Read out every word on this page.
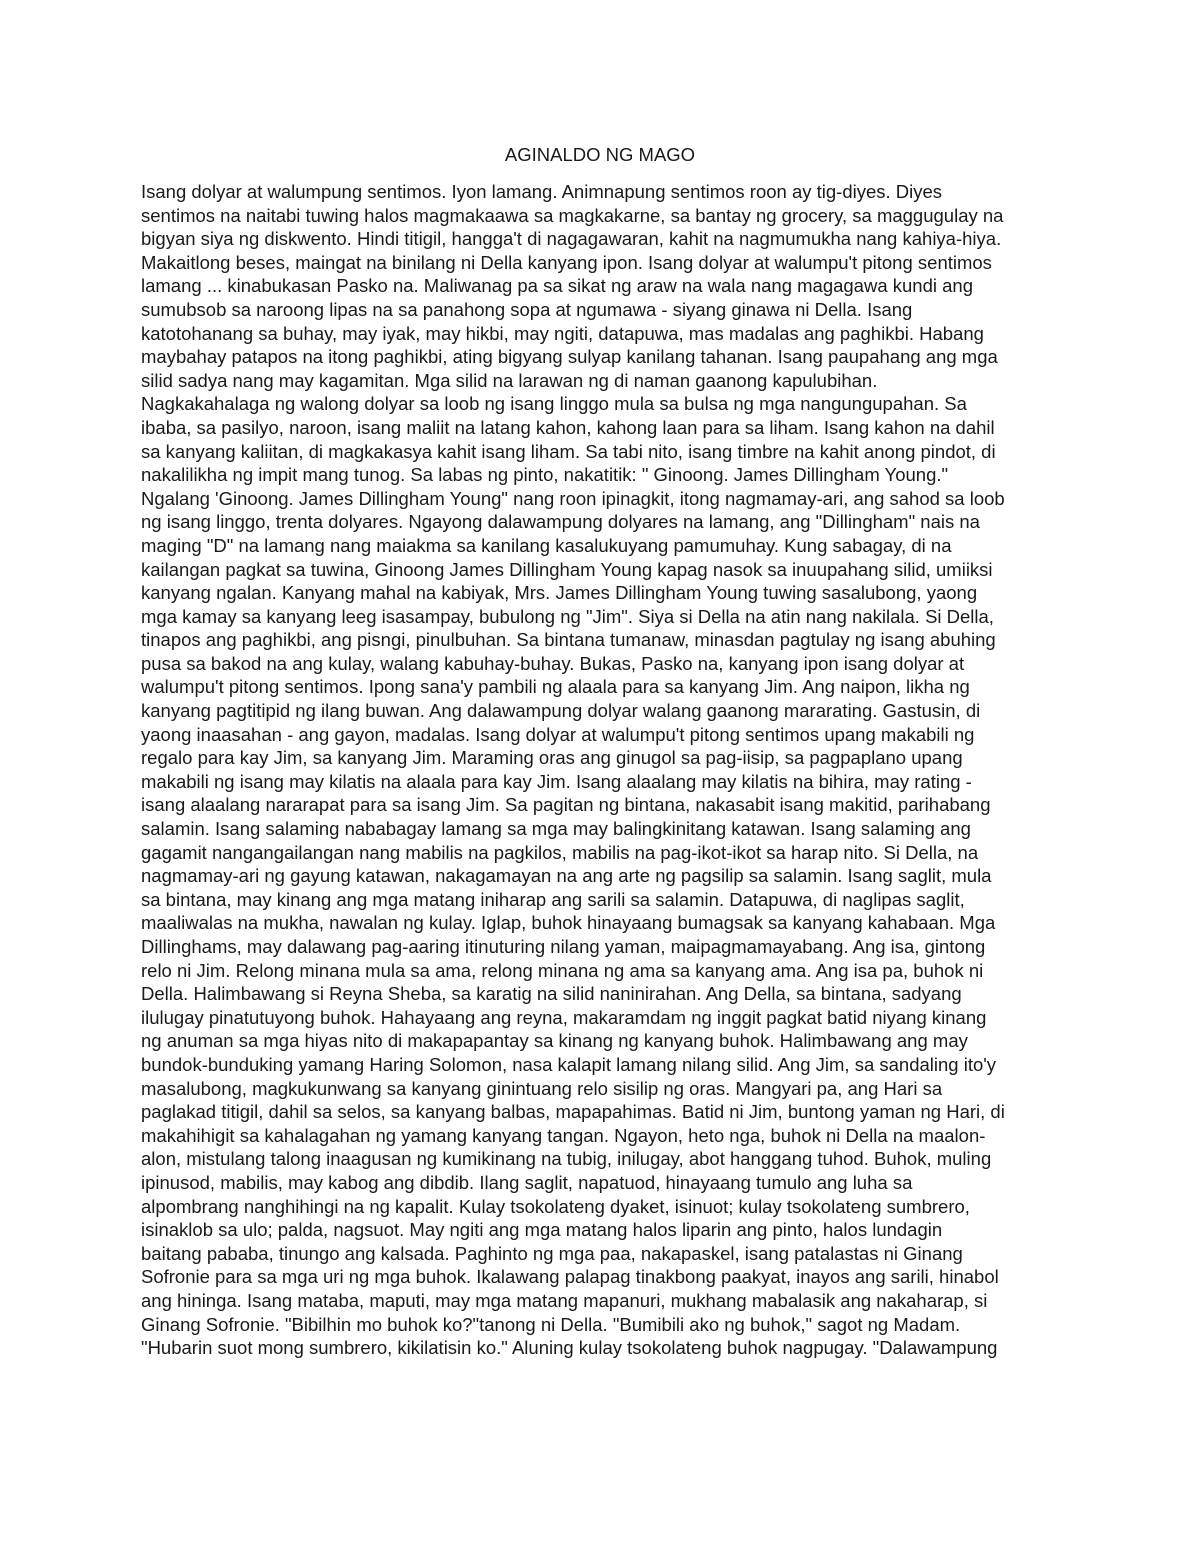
AGINALDO NG MAGO
Isang dolyar at walumpung sentimos. Iyon lamang. Animnapung sentimos roon ay tig-diyes. Diyes
sentimos na naitabi tuwing halos magmakaawa sa magkakarne, sa bantay ng grocery, sa maggugulay na
bigyan siya ng diskwento. Hindi titigil, hangga't di nagagawaran, kahit na nagmumukha nang kahiya-hiya.
Makaitlong beses, maingat na binilang ni Della kanyang ipon. Isang dolyar at walumpu't pitong sentimos
lamang ... kinabukasan Pasko na. Maliwanag pa sa sikat ng araw na wala nang magagawa kundi ang
sumubsob sa naroong lipas na sa panahong sopa at ngumawa - siyang ginawa ni Della. Isang
katotohanang sa buhay, may iyak, may hikbi, may ngiti, datapuwa, mas madalas ang paghikbi. Habang
maybahay patapos na itong paghikbi, ating bigyang sulyap kanilang tahanan. Isang paupahang ang mga
silid sadya nang may kagamitan. Mga silid na larawan ng di naman gaanong kapulubihan.
Nagkakahalaga ng walong dolyar sa loob ng isang linggo mula sa bulsa ng mga nangungupahan. Sa
ibaba, sa pasilyo, naroon, isang maliit na latang kahon, kahong laan para sa liham. Isang kahon na dahil
sa kanyang kaliitan, di magkakasya kahit isang liham. Sa tabi nito, isang timbre na kahit anong pindot, di
nakalilikha ng impit mang tunog. Sa labas ng pinto, nakatitik: " Ginoong. James Dillingham Young."
Ngalang 'Ginoong. James Dillingham Young" nang roon ipinagkit, itong nagmamay-ari, ang sahod sa loob
ng isang linggo, trenta dolyares. Ngayong dalawampung dolyares na lamang, ang "Dillingham" nais na
maging "D" na lamang nang maiakma sa kanilang kasalukuyang pamumuhay. Kung sabagay, di na
kailangan pagkat sa tuwina, Ginoong James Dillingham Young kapag nasok sa inuupahang silid, umiiksi
kanyang ngalan. Kanyang mahal na kabiyak, Mrs. James Dillingham Young tuwing sasalubong, yaong
mga kamay sa kanyang leeg isasampay, bubulong ng "Jim". Siya si Della na atin nang nakilala. Si Della,
tinapos ang paghikbi, ang pisngi, pinulbuhan. Sa bintana tumanaw, minasdan pagtulay ng isang abuhing
pusa sa bakod na ang kulay, walang kabuhay-buhay. Bukas, Pasko na, kanyang ipon isang dolyar at
walumpu't pitong sentimos. Ipong sana'y pambili ng alaala para sa kanyang Jim. Ang naipon, likha ng
kanyang pagtitipid ng ilang buwan. Ang dalawampung dolyar walang gaanong mararating. Gastusin, di
yaong inaasahan - ang gayon, madalas. Isang dolyar at walumpu't pitong sentimos upang makabili ng
regalo para kay Jim, sa kanyang Jim. Maraming oras ang ginugol sa pag-iisip, sa pagpaplano upang
makabili ng isang may kilatis na alaala para kay Jim. Isang alaalang may kilatis na bihira, may rating -
isang alaalang nararapat para sa isang Jim. Sa pagitan ng bintana, nakasabit isang makitid, parihabang
salamin. Isang salaming nababagay lamang sa mga may balingkinitang katawan. Isang salaming ang
gagamit nangangailangan nang mabilis na pagkilos, mabilis na pag-ikot-ikot sa harap nito. Si Della, na
nagmamay-ari ng gayung katawan, nakagamayan na ang arte ng pagsilip sa salamin. Isang saglit, mula
sa bintana, may kinang ang mga matang iniharap ang sarili sa salamin. Datapuwa, di naglipas saglit,
maaliwalas na mukha, nawalan ng kulay. Iglap, buhok hinayaang bumagsak sa kanyang kahabaan. Mga
Dillinghams, may dalawang pag-aaring itinuturing nilang yaman, maipagmamayabang. Ang isa, gintong
relo ni Jim. Relong minana mula sa ama, relong minana ng ama sa kanyang ama. Ang isa pa, buhok ni
Della. Halimbawang si Reyna Sheba, sa karatig na silid naninirahan. Ang Della, sa bintana, sadyang
ilulugay pinatutuyong buhok. Hahayaang ang reyna, makaramdam ng inggit pagkat batid niyang kinang
ng anuman sa mga hiyas nito di makapapantay sa kinang ng kanyang buhok. Halimbawang ang may
bundok-bunduking yamang Haring Solomon, nasa kalapit lamang nilang silid. Ang Jim, sa sandaling ito'y
masalubong, magkukunwang sa kanyang ginintuang relo sisilip ng oras. Mangyari pa, ang Hari sa
paglakad titigil, dahil sa selos, sa kanyang balbas, mapapahimas. Batid ni Jim, buntong yaman ng Hari, di
makahihigit sa kahalagahan ng yamang kanyang tangan. Ngayon, heto nga, buhok ni Della na maalon-
alon, mistulang talong inaagusan ng kumikinang na tubig, inilugay, abot hanggang tuhod. Buhok, muling
ipinusod, mabilis, may kabog ang dibdib. Ilang saglit, napatuod, hinayaang tumulo ang luha sa
alpombrang nanghihingi na ng kapalit. Kulay tsokolateng dyaket, isinuot; kulay tsokolateng sumbrero,
isinaklob sa ulo; palda, nagsuot. May ngiti ang mga matang halos liparin ang pinto, halos lundagin
baitang pababa, tinungo ang kalsada. Paghinto ng mga paa, nakapaskel, isang patalastas ni Ginang
Sofronie para sa mga uri ng mga buhok. Ikalawang palapag tinakbong paakyat, inayos ang sarili, hinabol
ang hininga. Isang mataba, maputi, may mga matang mapanuri, mukhang mabalasik ang nakaharap, si
Ginang Sofronie. "Bibilhin mo buhok ko?"tanong ni Della. "Bumibili ako ng buhok," sagot ng Madam.
"Hubarin suot mong sumbrero, kikilatisin ko." Aluning kulay tsokolateng buhok nagpugay. "Dalawampung
